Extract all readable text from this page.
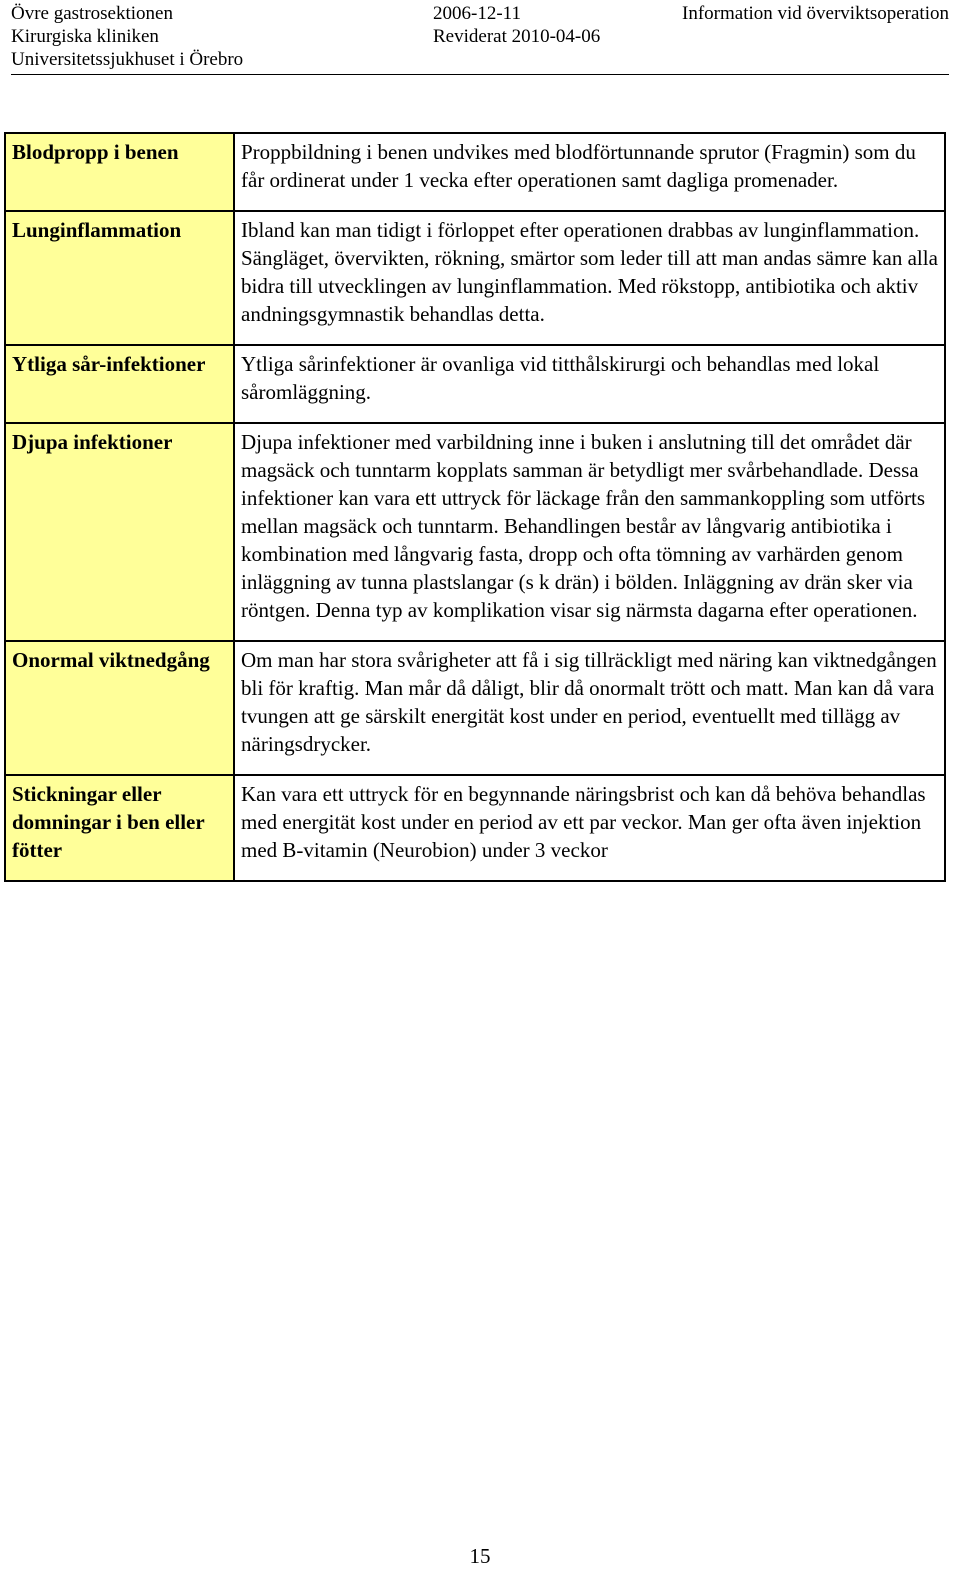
Övre gastrosektionen
Kirurgiska kliniken
Universitetssjukhuset i Örebro
2006-12-11
Reviderat 2010-04-06
Information vid överviktsoperation
Blodpropp i benen	Proppbildning i benen undvikes med blodförtunnande sprutor (Fragmin) som du får ordinerat under 1 vecka efter operationen samt dagliga promenader.
Lunginflammation	Ibland kan man tidigt i förloppet efter operationen drabbas av lunginflammation. Sängläget, övervikten, rökning, smärtor som leder till att man andas sämre kan alla bidra till utvecklingen av lunginflammation. Med rökstopp, antibiotika och aktiv andningsgymnastik behandlas detta.
Ytliga sår-infektioner	Ytliga sårinfektioner är ovanliga vid titthålskirurgi och behandlas med lokal såromläggning.
Djupa infektioner	Djupa infektioner med varbildning inne i buken i anslutning till det området där magsäck och tunntarm kopplats samman är betydligt mer svårbehandlade. Dessa infektioner kan vara ett uttryck för läckage från den sammankoppling som utförts mellan magsäck och tunntarm. Behandlingen består av långvarig antibiotika i kombination med långvarig fasta, dropp och ofta tömning av varhärden genom inläggning av tunna plastslangar (s k drän) i bölden. Inläggning av drän sker via röntgen. Denna typ av komplikation visar sig närmsta dagarna efter operationen.
Onormal viktnedgång	Om man har stora svårigheter att få i sig tillräckligt med näring kan viktnedgången bli för kraftig. Man mår då dåligt, blir då onormalt trött och matt. Man kan då vara tvungen att ge särskilt energität kost under en period, eventuellt med tillägg av näringsdrycker.
Stickningar eller domningar i ben eller fötter	Kan vara ett uttryck för en begynnande näringsbrist och kan då behöva behandlas med energität kost under en period av ett par veckor. Man ger ofta även injektion med B-vitamin (Neurobion) under 3 veckor
15
